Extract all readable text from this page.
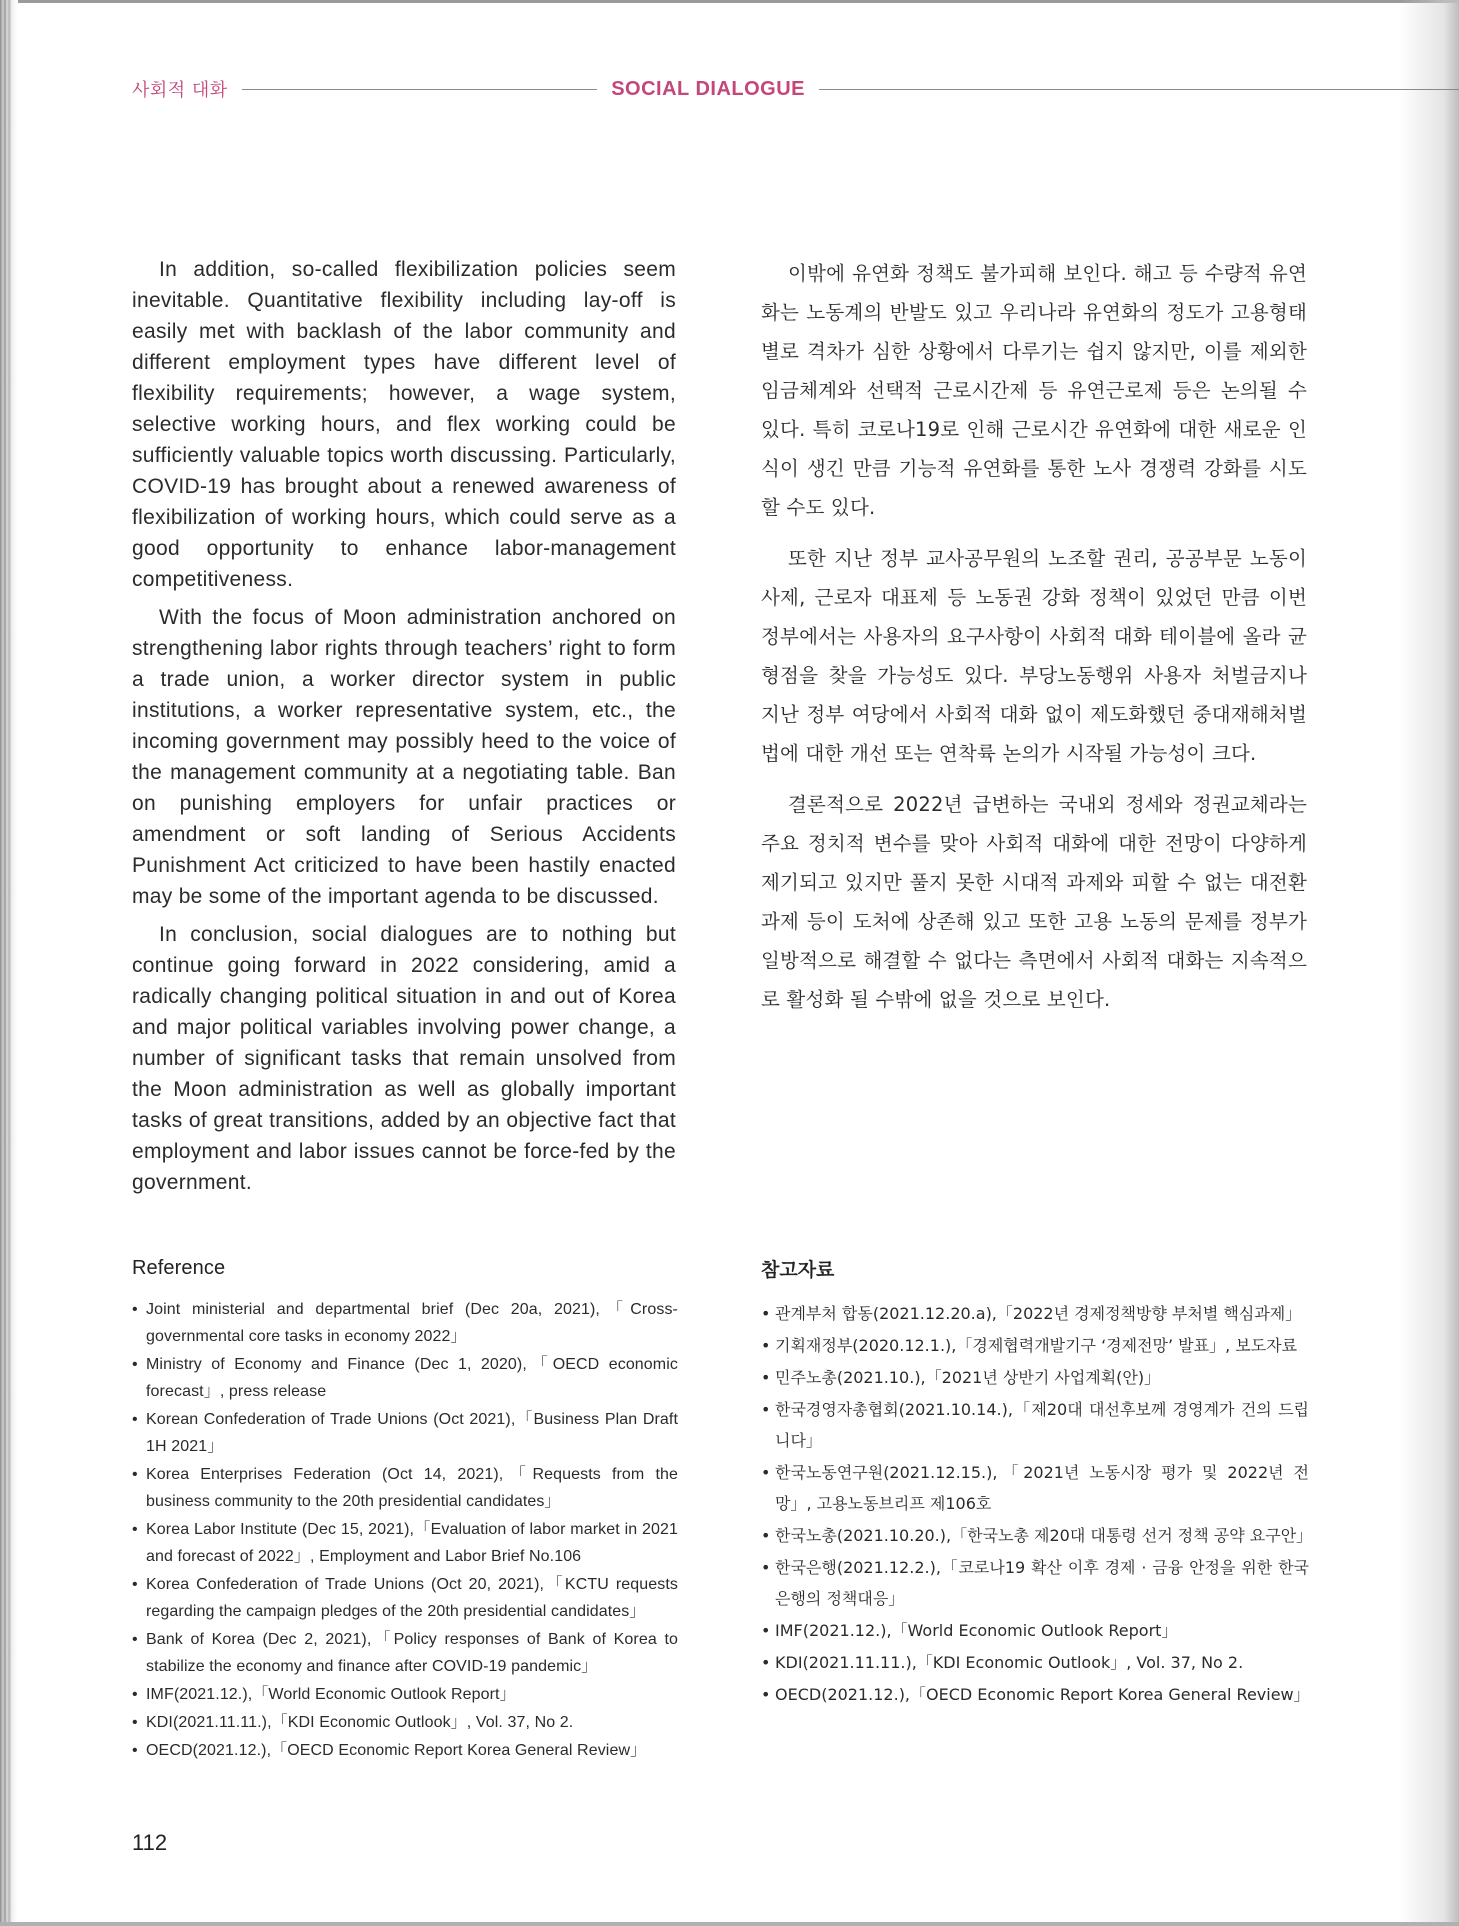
사회적 대화	SOCIAL DIALOGUE

In addition, so-called flexibilization policies seem inevitable. Quantitative flexibility including lay-off is easily met with backlash of the labor community and different employment types have different level of flexibility requirements; however, a wage system, selective working hours, and flex working could be sufficiently valuable topics worth discussing. Particularly, COVID-19 has brought about a renewed awareness of flexibilization of working hours, which could serve as a good opportunity to enhance labor-management competitiveness.

With the focus of Moon administration anchored on strengthening labor rights through teachers’ right to form a trade union, a worker director system in public institutions, a worker representative system, etc., the incoming government may possibly heed to the voice of the management community at a negotiating table. Ban on punishing employers for unfair practices or amendment or soft landing of Serious Accidents Punishment Act criticized to have been hastily enacted may be some of the important agenda to be discussed.

In conclusion, social dialogues are to nothing but continue going forward in 2022 considering, amid a radically changing political situation in and out of Korea and major political variables involving power change, a number of significant tasks that remain unsolved from the Moon administration as well as globally important tasks of great transitions, added by an objective fact that employment and labor issues cannot be force-fed by the government.

이밖에 유연화 정책도 불가피해 보인다. 해고 등 수량적 유연화는 노동계의 반발도 있고 우리나라 유연화의 정도가 고용형태별로 격차가 심한 상황에서 다루기는 쉽지 않지만, 이를 제외한 임금체계와 선택적 근로시간제 등 유연근로제 등은 논의될 수 있다. 특히 코로나19로 인해 근로시간 유연화에 대한 새로운 인식이 생긴 만큼 기능적 유연화를 통한 노사 경쟁력 강화를 시도할 수도 있다.

또한 지난 정부 교사공무원의 노조할 권리, 공공부문 노동이사제, 근로자 대표제 등 노동권 강화 정책이 있었던 만큼 이번 정부에서는 사용자의 요구사항이 사회적 대화 테이블에 올라 균형점을 찾을 가능성도 있다. 부당노동행위 사용자 처벌금지나 지난 정부 여당에서 사회적 대화 없이 제도화했던 중대재해처벌법에 대한 개선 또는 연착륙 논의가 시작될 가능성이 크다.

결론적으로 2022년 급변하는 국내외 정세와 정권교체라는 주요 정치적 변수를 맞아 사회적 대화에 대한 전망이 다양하게 제기되고 있지만 풀지 못한 시대적 과제와 피할 수 없는 대전환 과제 등이 도처에 상존해 있고 또한 고용 노동의 문제를 정부가 일방적으로 해결할 수 없다는 측면에서 사회적 대화는 지속적으로 활성화 될 수밖에 없을 것으로 보인다.

Reference
• Joint ministerial and departmental brief (Dec 20a, 2021),「Cross-governmental core tasks in economy 2022」
• Ministry of Economy and Finance (Dec 1, 2020),「OECD economic forecast」, press release
• Korean Confederation of Trade Unions (Oct 2021),「Business Plan Draft 1H 2021」
• Korea Enterprises Federation (Oct 14, 2021),「Requests from the business community to the 20th presidential candidates」
• Korea Labor Institute (Dec 15, 2021),「Evaluation of labor market in 2021 and forecast of 2022」, Employment and Labor Brief No.106
• Korea Confederation of Trade Unions (Oct 20, 2021),「KCTU requests regarding the campaign pledges of the 20th presidential candidates」
• Bank of Korea (Dec 2, 2021),「Policy responses of Bank of Korea to stabilize the economy and finance after COVID-19 pandemic」
• IMF(2021.12.),「World Economic Outlook Report」
• KDI(2021.11.11.),「KDI Economic Outlook」, Vol. 37, No 2.
• OECD(2021.12.),「OECD Economic Report Korea General Review」
참고자료
• 관계부처 합동(2021.12.20.a),「2022년 경제정책방향 부처별 핵심과제」
• 기획재정부(2020.12.1.),「경제협력개발기구 ‘경제전망’ 발표」, 보도자료
• 민주노총(2021.10.),「2021년 상반기 사업계획(안)」
• 한국경영자총협회(2021.10.14.),「제20대 대선후보께 경영계가 건의 드립니다」
• 한국노동연구원(2021.12.15.),「2021년 노동시장 평가 및 2022년 전망」, 고용노동브리프 제106호
• 한국노총(2021.10.20.),「한국노총 제20대 대통령 선거 정책 공약 요구안」
• 한국은행(2021.12.2.),「코로나19 확산 이후 경제 · 금융 안정을 위한 한국은행의 정책대응」
• IMF(2021.12.),「World Economic Outlook Report」
• KDI(2021.11.11.),「KDI Economic Outlook」, Vol. 37, No 2.
• OECD(2021.12.),「OECD Economic Report Korea General Review」
112
